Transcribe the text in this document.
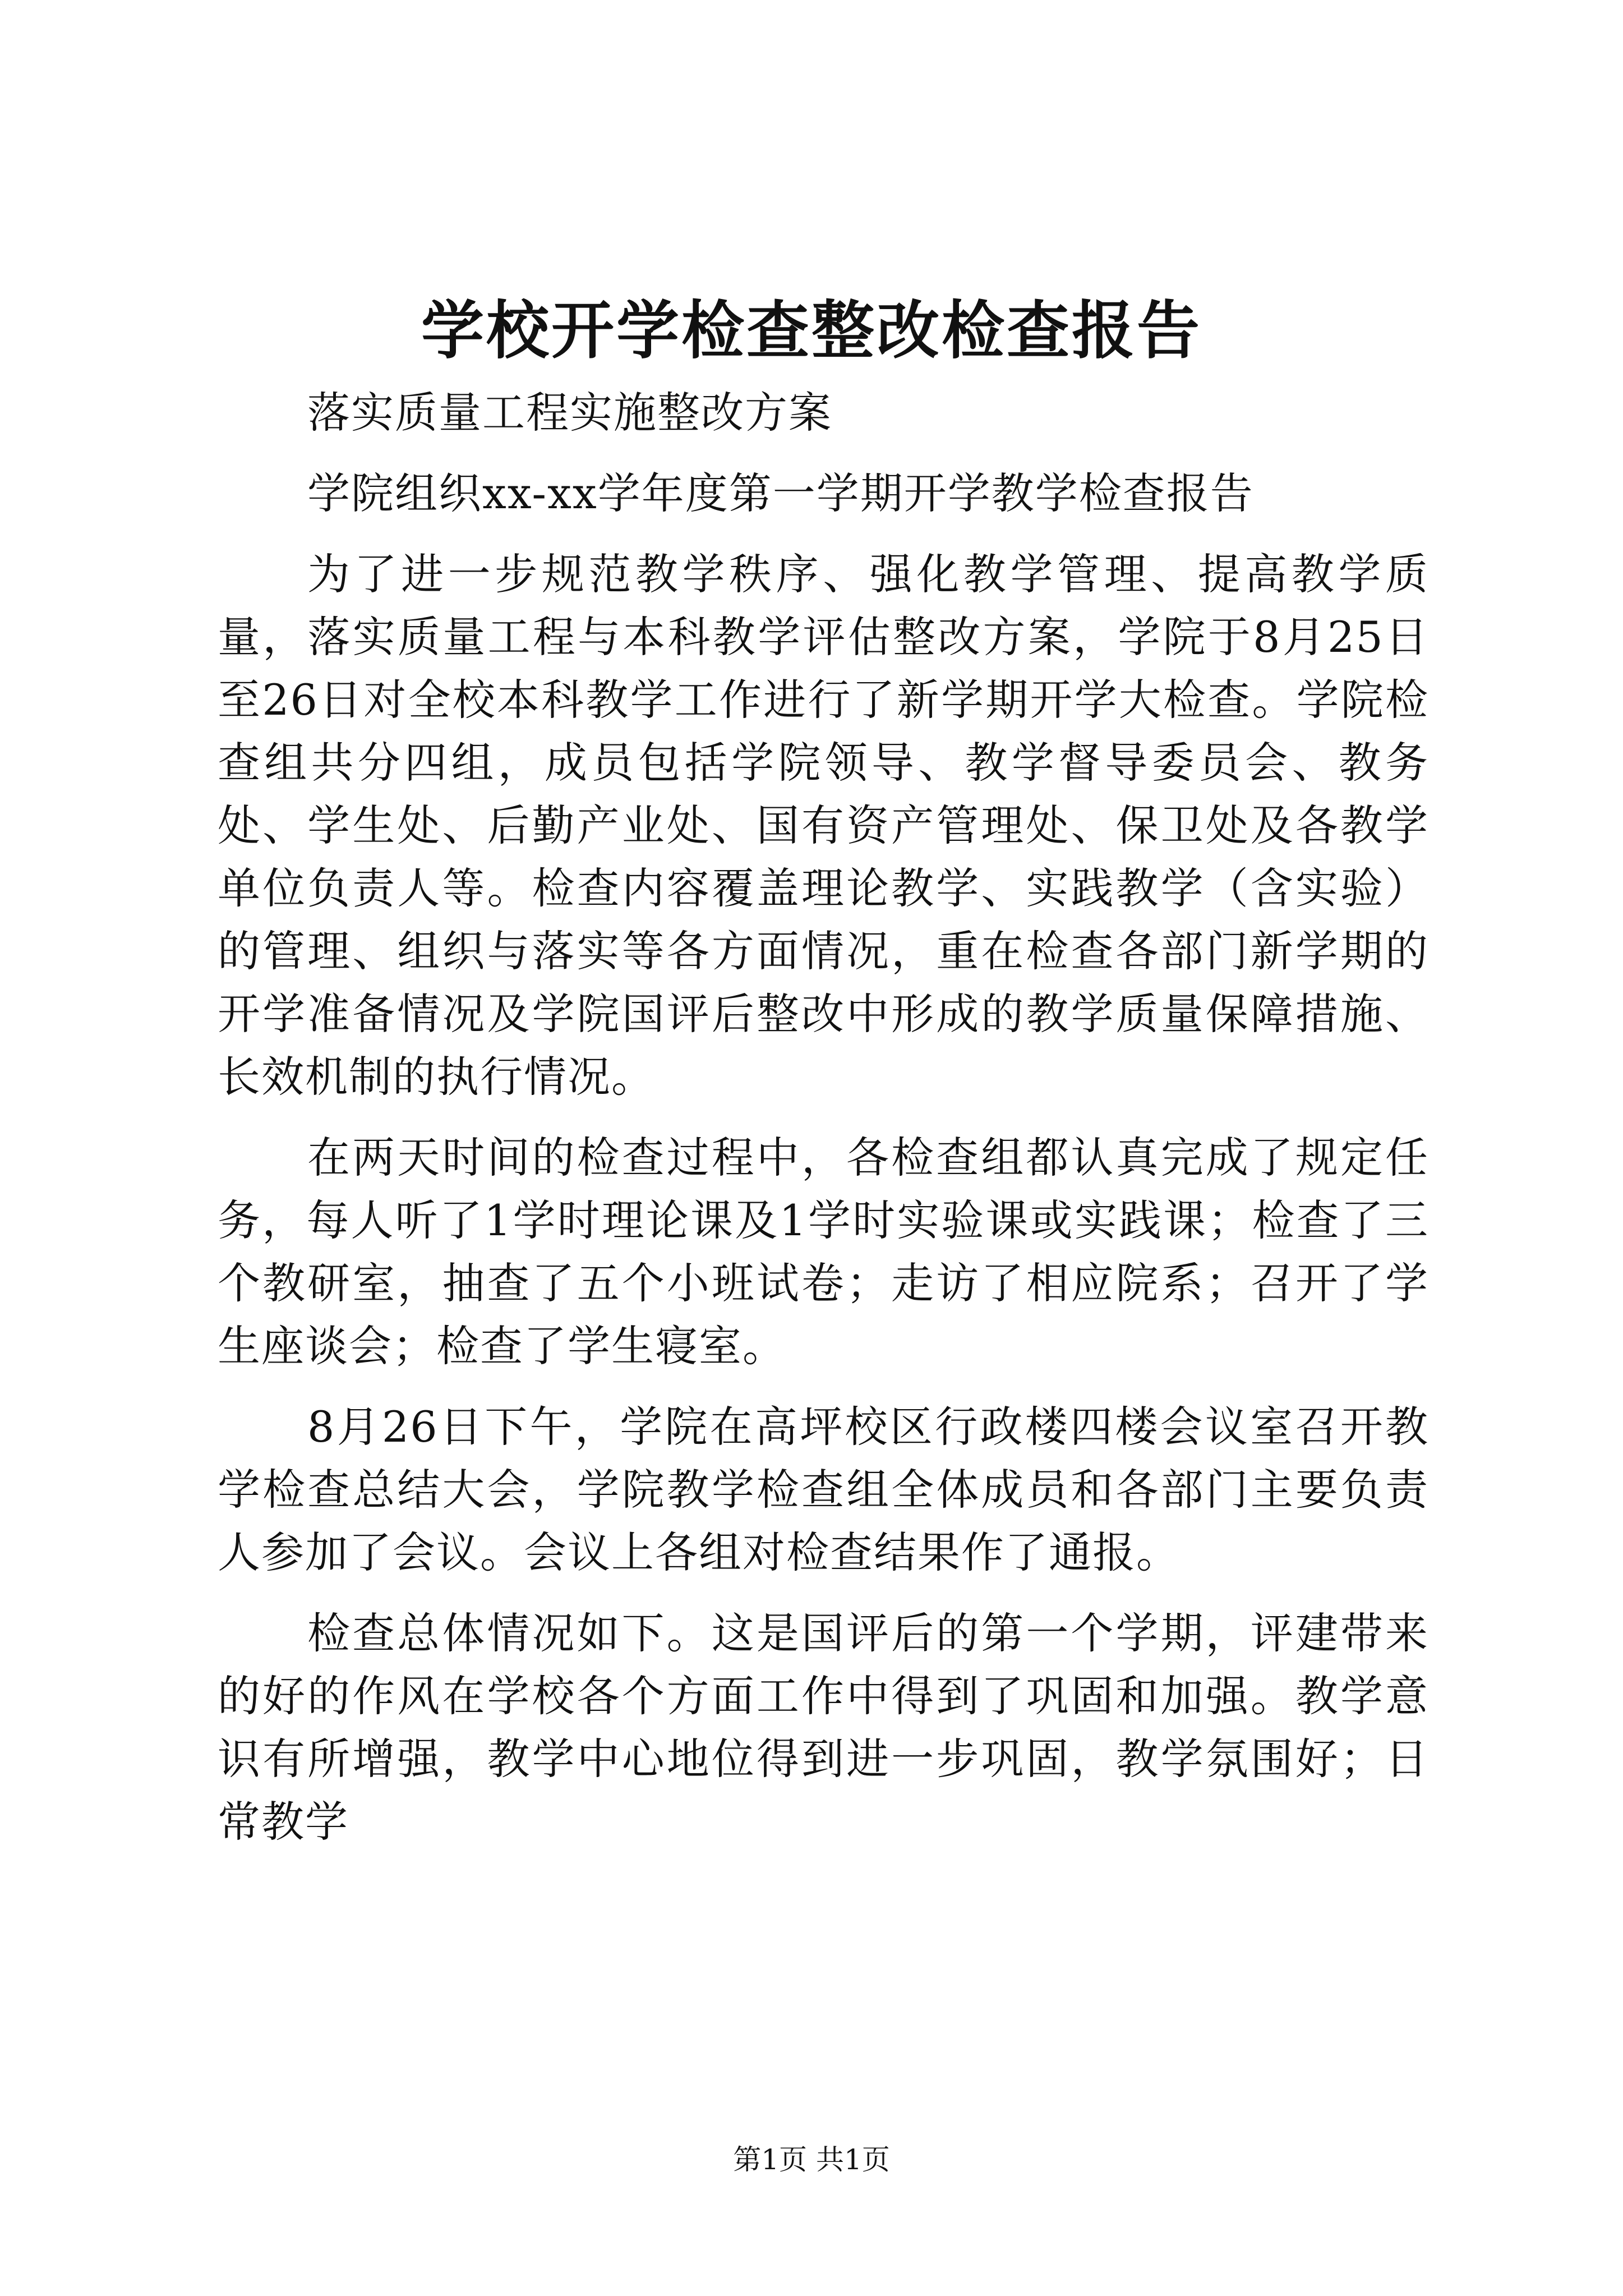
学校开学检查整改检查报告

落实质量工程实施整改方案

学院组织xx-xx学年度第一学期开学教学检查报告

为了进一步规范教学秩序、强化教学管理、提高教学质量，落实质量工程与本科教学评估整改方案，学院于8月25日至26日对全校本科教学工作进行了新学期开学大检查。学院检查组共分四组，成员包括学院领导、教学督导委员会、教务处、学生处、后勤产业处、国有资产管理处、保卫处及各教学单位负责人等。检查内容覆盖理论教学、实践教学（含实验）的管理、组织与落实等各方面情况，重在检查各部门新学期的开学准备情况及学院国评后整改中形成的教学质量保障措施、长效机制的执行情况。

在两天时间的检查过程中，各检查组都认真完成了规定任务，每人听了1学时理论课及1学时实验课或实践课；检查了三个教研室，抽查了五个小班试卷；走访了相应院系；召开了学生座谈会；检查了学生寝室。

8月26日下午，学院在高坪校区行政楼四楼会议室召开教学检查总结大会，学院教学检查组全体成员和各部门主要负责人参加了会议。会议上各组对检查结果作了通报。

检查总体情况如下。这是国评后的第一个学期，评建带来的好的作风在学校各个方面工作中得到了巩固和加强。教学意识有所增强，教学中心地位得到进一步巩固，教学氛围好；日常教学

第1页 共1页
